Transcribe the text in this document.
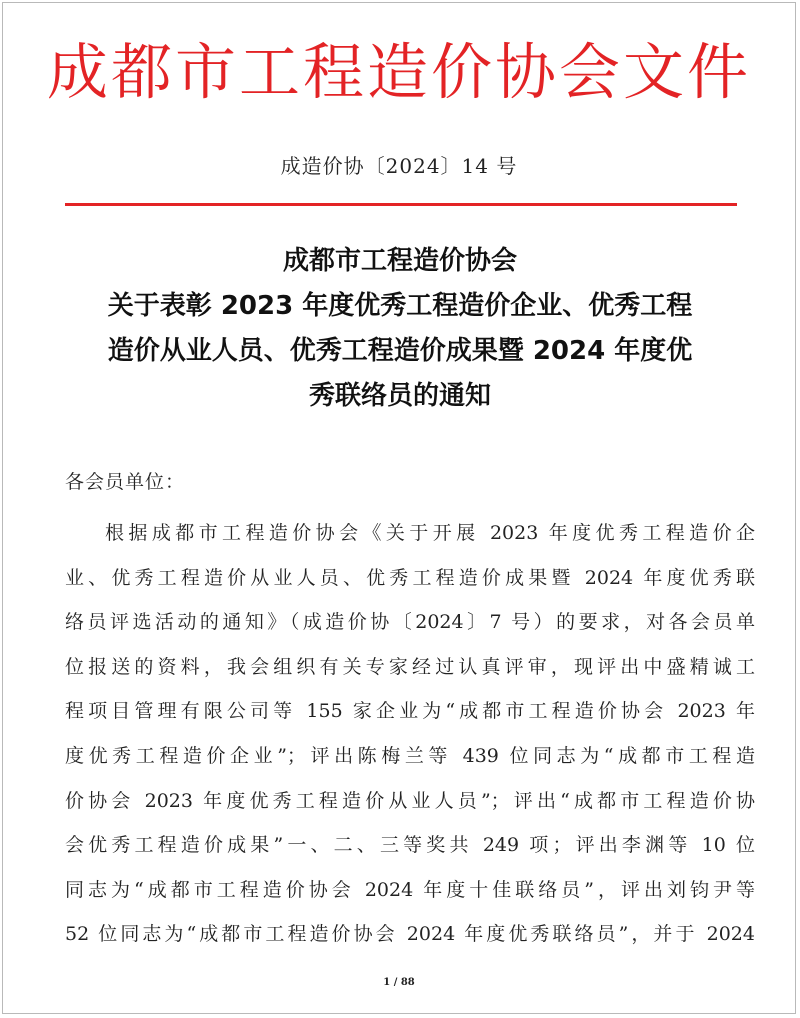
成都市工程造价协会文件
成造价协〔2024〕14 号
成都市工程造价协会
关于表彰 2023 年度优秀工程造价企业、优秀工程
造价从业人员、优秀工程造价成果暨 2024 年度优
秀联络员的通知
各会员单位：
根据成都市工程造价协会《关于开展 2023 年度优秀工程造价企
业、优秀工程造价从业人员、优秀工程造价成果暨 2024 年度优秀联
络员评选活动的通知》（成造价协〔2024〕7 号）的要求，对各会员单
位报送的资料，我会组织有关专家经过认真评审，现评出中盛精诚工
程项目管理有限公司等 155 家企业为“成都市工程造价协会 2023 年
度优秀工程造价企业”；评出陈梅兰等 439 位同志为“成都市工程造
价协会 2023 年度优秀工程造价从业人员”；评出“成都市工程造价协
会优秀工程造价成果”一、二、三等奖共 249 项；评出李渊等 10 位
同志为“成都市工程造价协会 2024 年度十佳联络员”，评出刘钧尹等
52 位同志为“成都市工程造价协会 2024 年度优秀联络员”，并于 2024
1 / 88
